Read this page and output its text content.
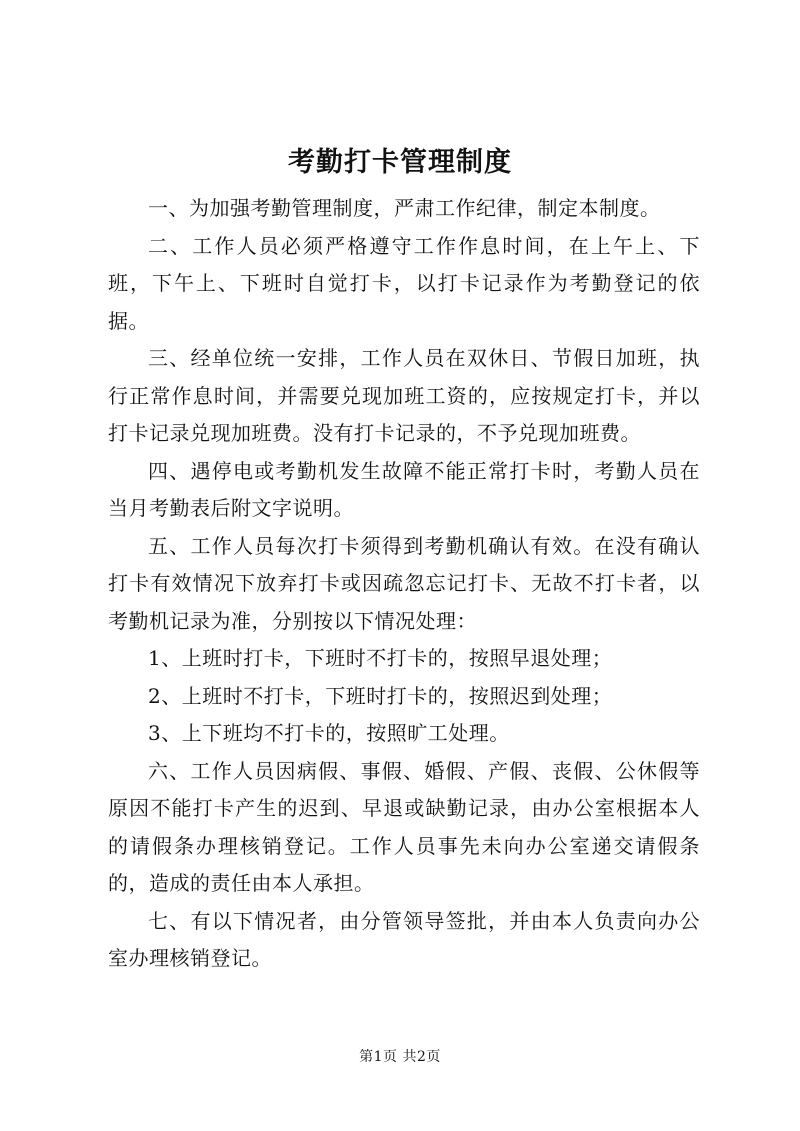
考勤打卡管理制度

一、为加强考勤管理制度，严肃工作纪律，制定本制度。

二、工作人员必须严格遵守工作作息时间，在上午上、下班，下午上、下班时自觉打卡，以打卡记录作为考勤登记的依据。

三、经单位统一安排，工作人员在双休日、节假日加班，执行正常作息时间，并需要兑现加班工资的，应按规定打卡，并以打卡记录兑现加班费。没有打卡记录的，不予兑现加班费。

四、遇停电或考勤机发生故障不能正常打卡时，考勤人员在当月考勤表后附文字说明。

五、工作人员每次打卡须得到考勤机确认有效。在没有确认打卡有效情况下放弃打卡或因疏忽忘记打卡、无故不打卡者，以考勤机记录为准，分别按以下情况处理：

1、上班时打卡，下班时不打卡的，按照早退处理；

2、上班时不打卡，下班时打卡的，按照迟到处理；

3、上下班均不打卡的，按照旷工处理。

六、工作人员因病假、事假、婚假、产假、丧假、公休假等原因不能打卡产生的迟到、早退或缺勤记录，由办公室根据本人的请假条办理核销登记。工作人员事先未向办公室递交请假条的，造成的责任由本人承担。

七、有以下情况者，由分管领导签批，并由本人负责向办公室办理核销登记。

第1页 共2页
